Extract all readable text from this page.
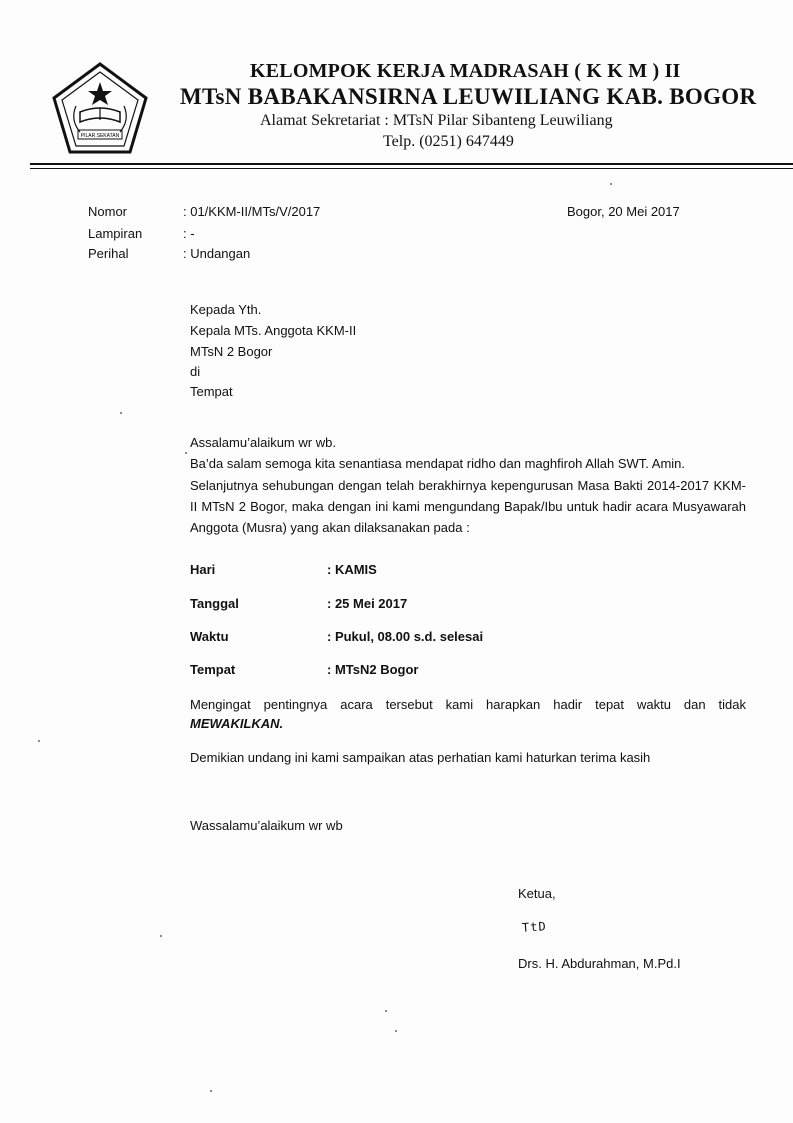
PILAR SEKATAN
KELOMPOK KERJA MADRASAH ( K K M ) II
MTsN BABAKANSIRNA LEUWILIANG KAB. BOGOR
Alamat Sekretariat : MTsN Pilar Sibanteng Leuwiliang
Telp. (0251) 647449
Nomor	: 01/KKM-II/MTs/V/2017
Lampiran	: -
Perihal	: Undangan
Bogor, 20 Mei 2017
Kepada Yth.
Kepala MTs. Anggota KKM-II
MTsN 2 Bogor
di
Tempat
Assalamu’alaikum wr wb.
Ba’da salam semoga kita senantiasa mendapat ridho dan maghfiroh Allah SWT. Amin.
Selanjutnya sehubungan dengan telah berakhirnya kepengurusan Masa Bakti 2014-2017 KKM-II MTsN 2 Bogor, maka dengan ini kami mengundang Bapak/Ibu untuk hadir acara Musyawarah Anggota (Musra) yang akan dilaksanakan pada :
Hari	: KAMIS
Tanggal	: 25 Mei 2017
Waktu	: Pukul, 08.00 s.d. selesai
Tempat	: MTsN2 Bogor
Mengingat pentingnya acara tersebut kami harapkan hadir tepat waktu dan tidak
MEWAKILKAN.
Demikian undang ini kami sampaikan atas perhatian kami haturkan terima kasih
Wassalamu’alaikum wr wb
Ketua,
TtD
Drs. H. Abdurahman, M.Pd.I
